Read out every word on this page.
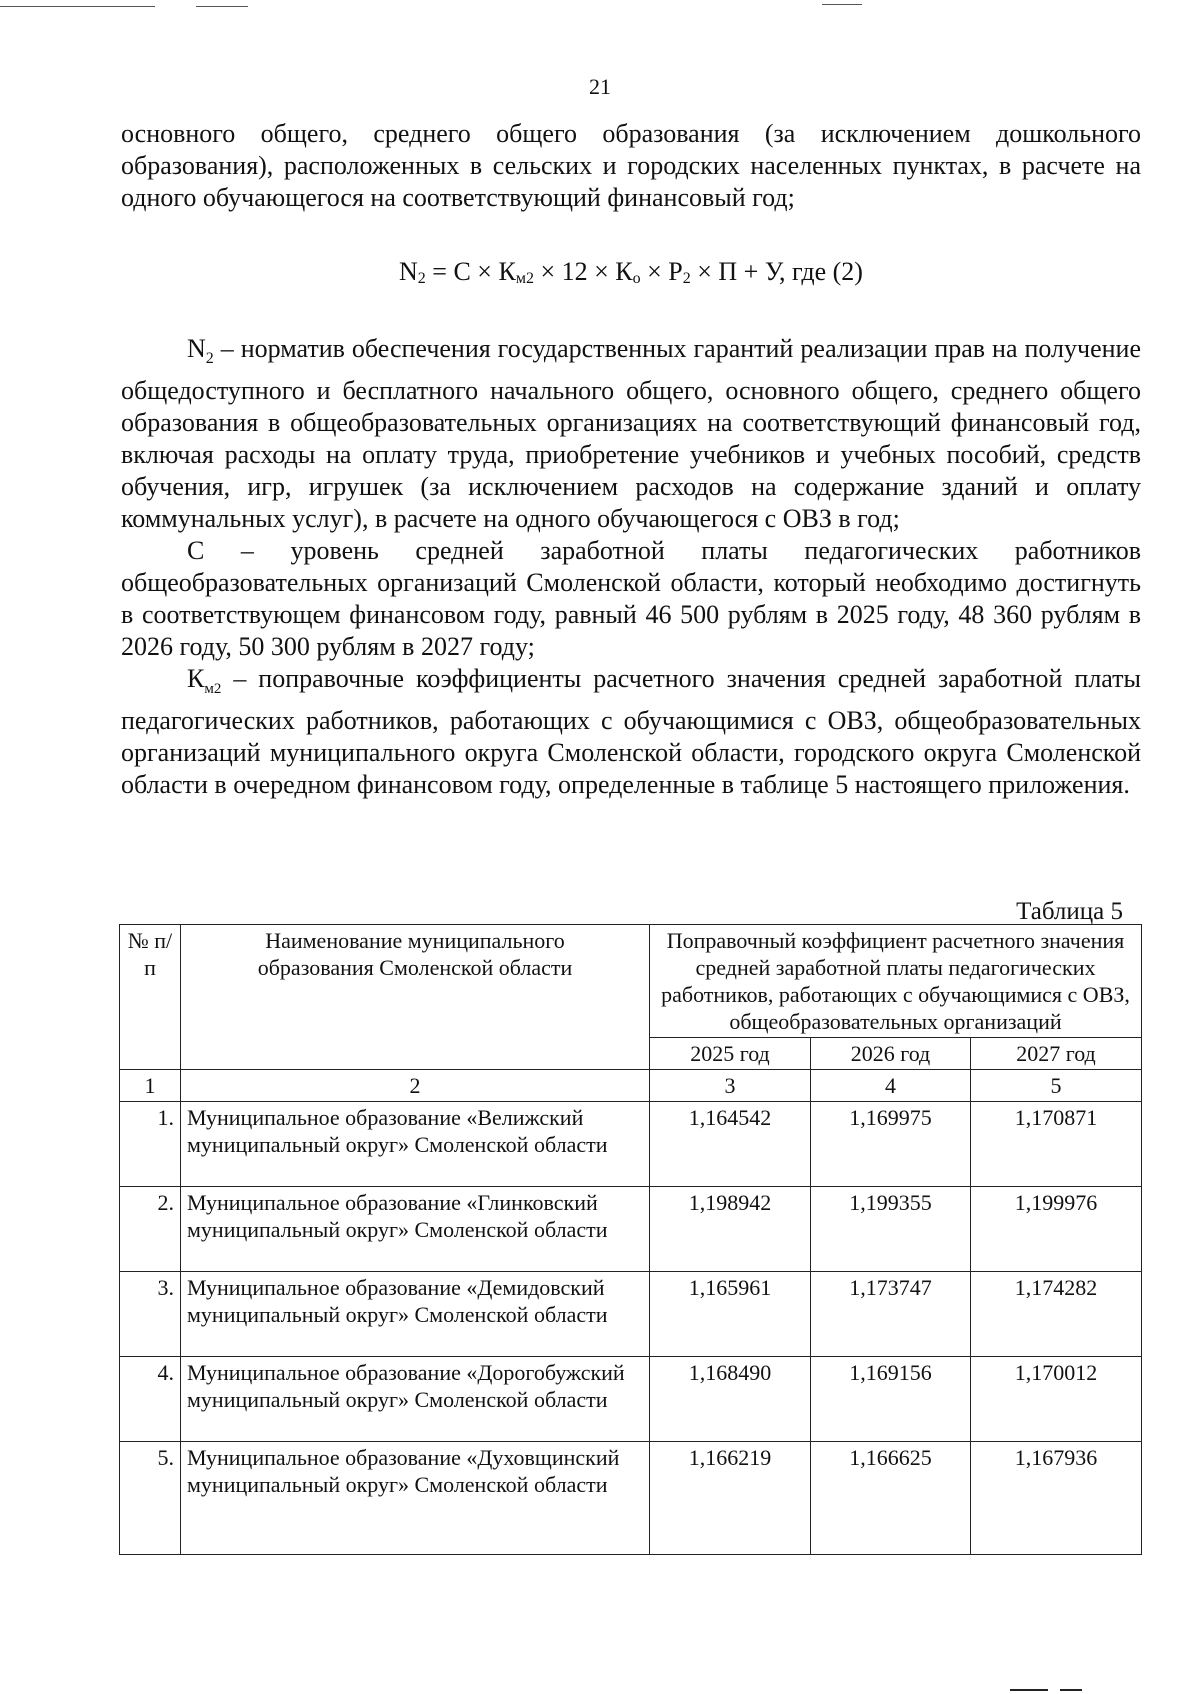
21
основного общего, среднего общего образования (за исключением дошкольного образования), расположенных в сельских и городских населенных пунктах, в расчете на одного обучающегося на соответствующий финансовый год;
$N_2 = С \times К_{м2} \times 12 \times К_о \times P_2 \times П + У$, где (2)
$N_2$ – норматив обеспечения государственных гарантий реализации прав на получение общедоступного и бесплатного начального общего, основного общего, среднего общего образования в общеобразовательных организациях на соответствующий финансовый год, включая расходы на оплату труда, приобретение учебников и учебных пособий, средств обучения, игр, игрушек (за исключением расходов на содержание зданий и оплату коммунальных услуг), в расчете на одного обучающегося с ОВЗ в год;
С – уровень средней заработной платы педагогических работников общеобразовательных организаций Смоленской области, который необходимо достигнуть в соответствующем финансовом году, равный 46 500 рублям в 2025 году, 48 360 рублям в 2026 году, 50 300 рублям в 2027 году;
$К_{м2}$ – поправочные коэффициенты расчетного значения средней заработной платы педагогических работников, работающих с обучающимися с ОВЗ, общеобразовательных организаций муниципального округа Смоленской области, городского округа Смоленской области в очередном финансовом году, определенные в таблице 5 настоящего приложения.
Таблица 5
№ п/п	Наименование муниципального образования Смоленской области	Поправочный коэффициент расчетного значения средней заработной платы педагогических работников, работающих с обучающимися с ОВЗ, общеобразовательных организаций		
		2025 год	2026 год	2027 год
1	2	3	4	5
1.	Муниципальное образование «Велижский муниципальный округ» Смоленской области	1,164542	1,169975	1,170871
2.	Муниципальное образование «Глинковский муниципальный округ» Смоленской области	1,198942	1,199355	1,199976
3.	Муниципальное образование «Демидовский муниципальный округ» Смоленской области	1,165961	1,173747	1,174282
4.	Муниципальное образование «Дорогобужский муниципальный округ» Смоленской области	1,168490	1,169156	1,170012
5.	Муниципальное образование «Духовщинский муниципальный округ» Смоленской области	1,166219	1,166625	1,167936
